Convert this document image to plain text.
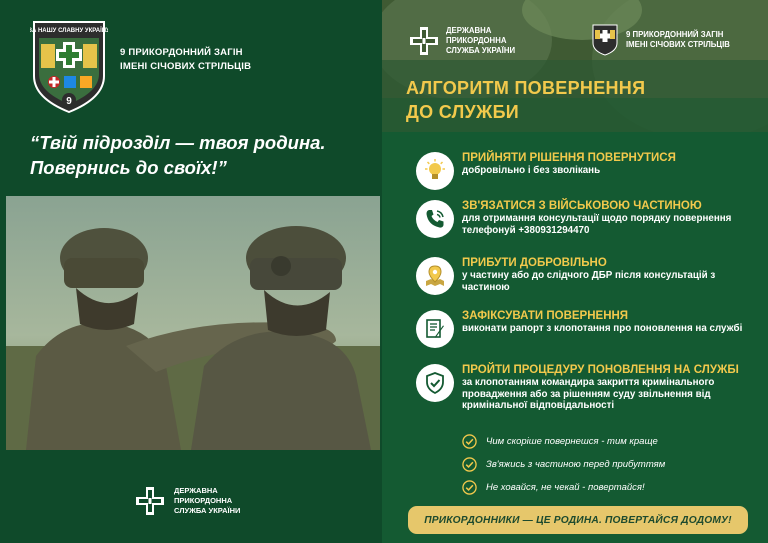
ЗА НАШУ СЛАВНУ УКРАЇНУ
9
9 ПРИКОРДОННИЙ ЗАГІН
ІМЕНІ СІЧОВИХ СТРІЛЬЦІВ
“Твій підрозділ — твоя родина.
Повернись до своїх!”
ДЕРЖАВНА
ПРИКОРДОННА
СЛУЖБА УКРАЇНИ
ДЕРЖАВНА
ПРИКОРДОННА
СЛУЖБА УКРАЇНИ
9 ПРИКОРДОННИЙ ЗАГІН
ІМЕНІ СІЧОВИХ СТРІЛЬЦІВ
АЛГОРИТМ ПОВЕРНЕННЯ
ДО СЛУЖБИ
ПРИЙНЯТИ РІШЕННЯ ПОВЕРНУТИСЯ
добровільно і без зволікань
ЗВ'ЯЗАТИСЯ З ВІЙСЬКОВОЮ ЧАСТИНОЮ
для отримання консультації щодо порядку повернення телефонуй +380931294470
ПРИБУТИ ДОБРОВІЛЬНО
у частину або до слідчого ДБР після консультацій з частиною
ЗАФІКСУВАТИ ПОВЕРНЕННЯ
виконати рапорт з клопотання про поновлення на службі
ПРОЙТИ ПРОЦЕДУРУ ПОНОВЛЕННЯ НА СЛУЖБІ
за клопотанням командира закриття кримінального провадження або за рішенням суду звільнення від кримінальної відповідальності
Чим скоріше повернешся - тим краще
Зв'яжись з частиною перед прибуттям
Не ховайся, не чекай - повертайся!
ПРИКОРДОННИКИ — ЦЕ РОДИНА. ПОВЕРТАЙСЯ ДОДОМУ!
